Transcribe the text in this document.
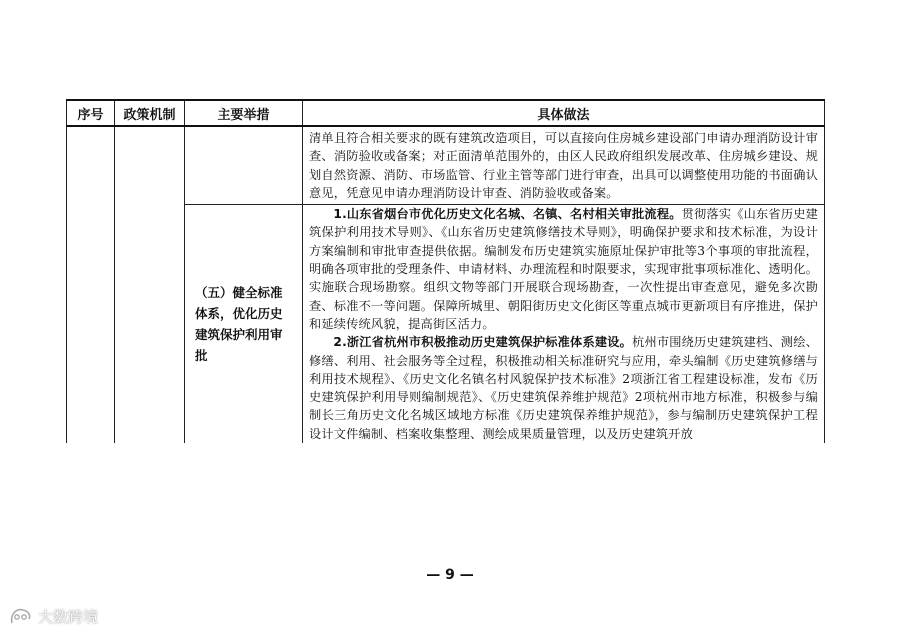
序号	政策机制	主要举措	具体做法

			清单且符合相关要求的既有建筑改造项目，可以直接向住房城乡建设部门申请办理消防设计审查、消防验收或备案；对正面清单范围外的，由区人民政府组织发展改革、住房城乡建设、规划自然资源、消防、市场监管、行业主管等部门进行审查，出具可以调整使用功能的书面确认意见，凭意见申请办理消防设计审查、消防验收或备案。

		（五）健全标准体系，优化历史建筑保护利用审批	1.山东省烟台市优化历史文化名城、名镇、名村相关审批流程。贯彻落实《山东省历史建筑保护利用技术导则》、《山东省历史建筑修缮技术导则》，明确保护要求和技术标准，为设计方案编制和审批审查提供依据。编制发布历史建筑实施原址保护审批等3个事项的审批流程，明确各项审批的受理条件、申请材料、办理流程和时限要求，实现审批事项标准化、透明化。实施联合现场勘察。组织文物等部门开展联合现场勘查，一次性提出审查意见，避免多次勘查、标准不一等问题。保障所城里、朝阳街历史文化街区等重点城市更新项目有序推进，保护和延续传统风貌，提高街区活力。

2.浙江省杭州市积极推动历史建筑保护标准体系建设。杭州市围绕历史建筑建档、测绘、修缮、利用、社会服务等全过程，积极推动相关标准研究与应用，牵头编制《历史建筑修缮与利用技术规程》、《历史文化名镇名村风貌保护技术标准》2项浙江省工程建设标准，发布《历史建筑保护利用导则编制规范》、《历史建筑保养维护规范》2项杭州市地方标准，积极参与编制长三角历史文化名城区域地方标准《历史建筑保养维护规范》，参与编制历史建筑保护工程设计文件编制、档案收集整理、测绘成果质量管理，以及历史建筑开放

— 9 —
大数跨境
